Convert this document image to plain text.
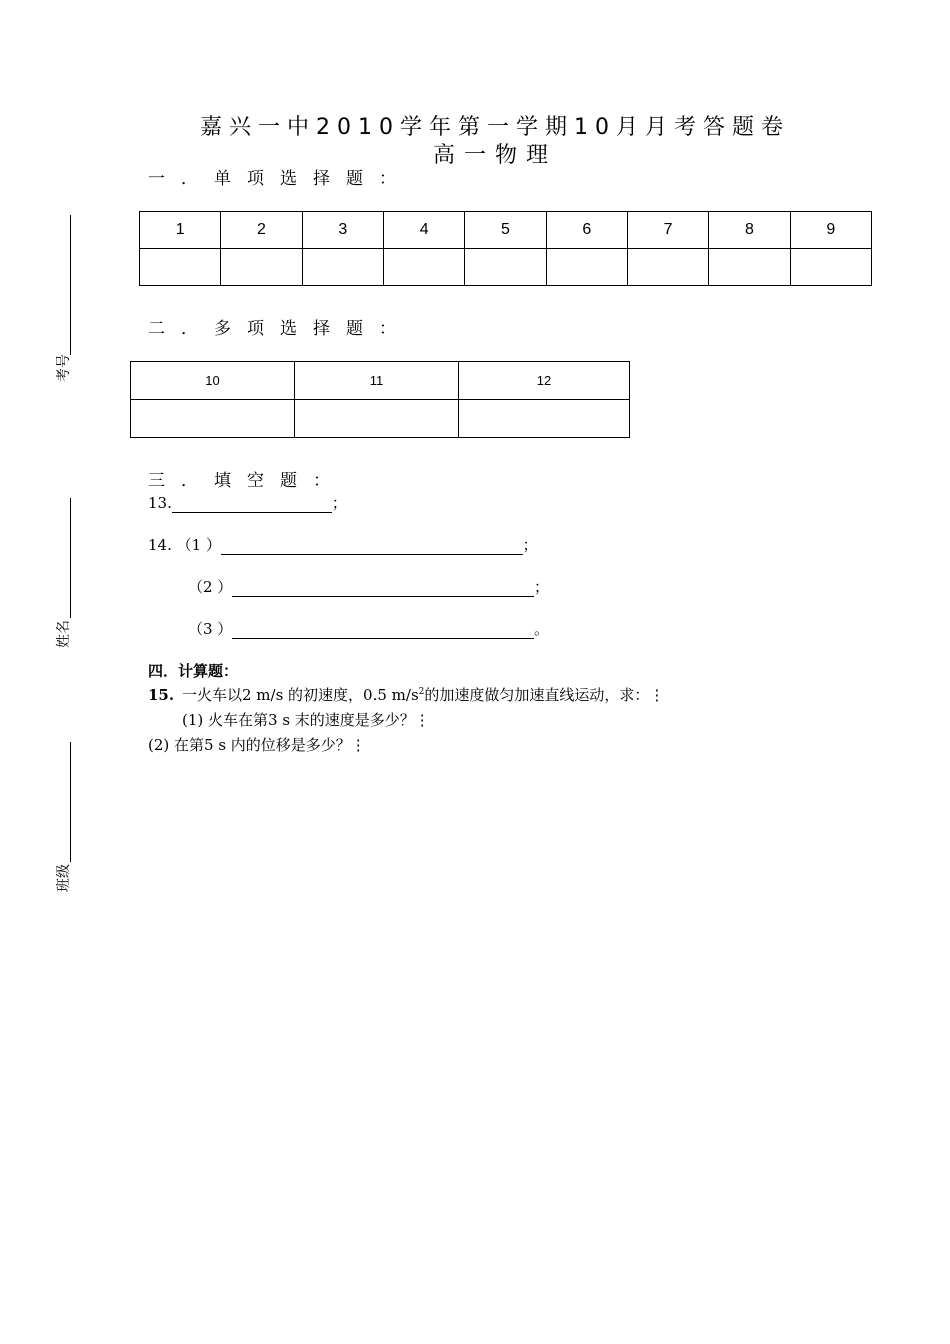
嘉兴一中2010学年第一学期10月月考答题卷
高一物理
一．单项选择题：
1	2	3	4	5	6	7	8	9

二．多项选择题：
10	11	12

三．填空题：
13.	；
14. （1 ）	；
（2 ）	；
（3 ）	。
四．计算题：
15. 一火车以2 m/s 的初速度，0.5 $m/s^2$的加速度做匀加速直线运动，求：⋮
(1) 火车在第3 s 末的速度是多少？⋮
(2) 在第5 s 内的位移是多少？⋮
考号
姓名
班级
